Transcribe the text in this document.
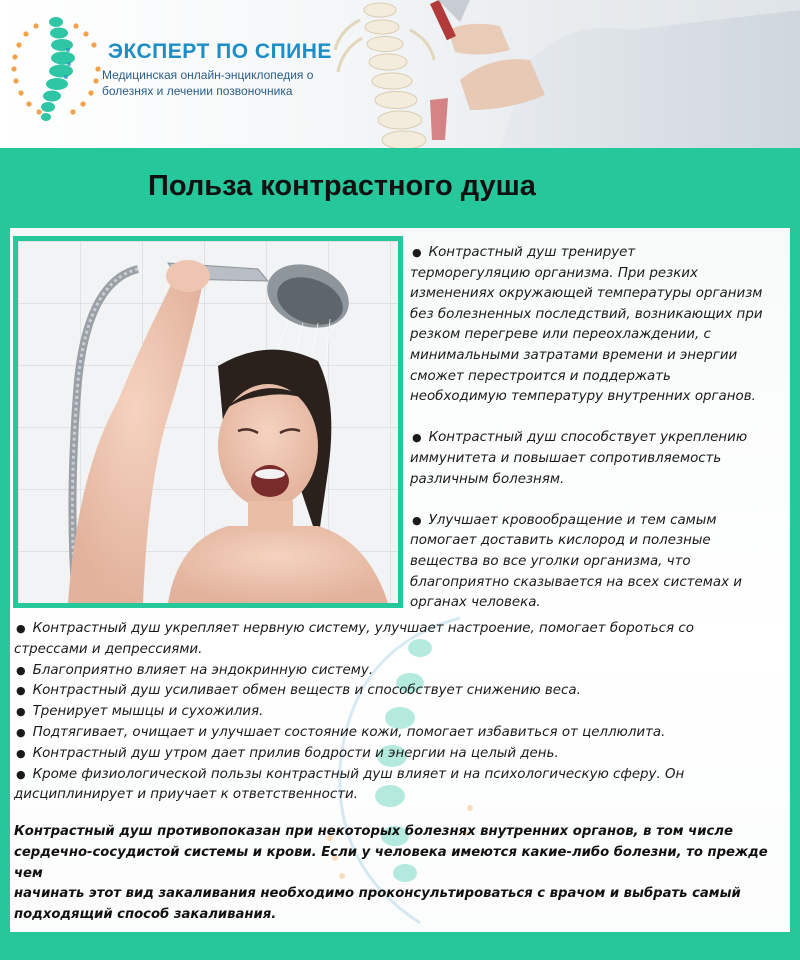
ЭКСПЕРТ ПО СПИНЕ
Медицинская онлайн-энциклопедия о
болезнях и лечении позвоночника
Польза контрастного душа

● Контрастный душ тренирует
терморегуляцию организма. При резких
изменениях окружающей температуры организм
без болезненных последствий, возникающих при
резком перегреве или переохлаждении, с
минимальными затратами времени и энергии
сможет перестроится и поддержать
необходимую температуру внутренних органов.

● Контрастный душ способствует укреплению
иммунитета и повышает сопротивляемость
различным болезням.

● Улучшает кровообращение и тем самым
помогает доставить кислород и полезные
вещества во все уголки организма, что
благоприятно сказывается на всех системах и
органах человека.

● Контрастный душ укрепляет нервную систему, улучшает настроение, помогает бороться со
стрессами и депрессиями.
● Благоприятно влияет на эндокринную систему.
● Контрастный душ усиливает обмен веществ и способствует снижению веса.
● Тренирует мышцы и сухожилия.
● Подтягивает, очищает и улучшает состояние кожи, помогает избавиться от целлюлита.
● Контрастный душ утром дает прилив бодрости и энергии на целый день.
● Кроме физиологической пользы контрастный душ влияет и на психологическую сферу. Он
дисциплинирует и приучает к ответственности.
Контрастный душ противопоказан при некоторых болезнях внутренних органов, в том числе
сердечно-сосудистой системы и крови. Если у человека имеются какие-либо болезни, то прежде чем
начинать этот вид закаливания необходимо проконсультироваться с врачом и выбрать самый
подходящий способ закаливания.
